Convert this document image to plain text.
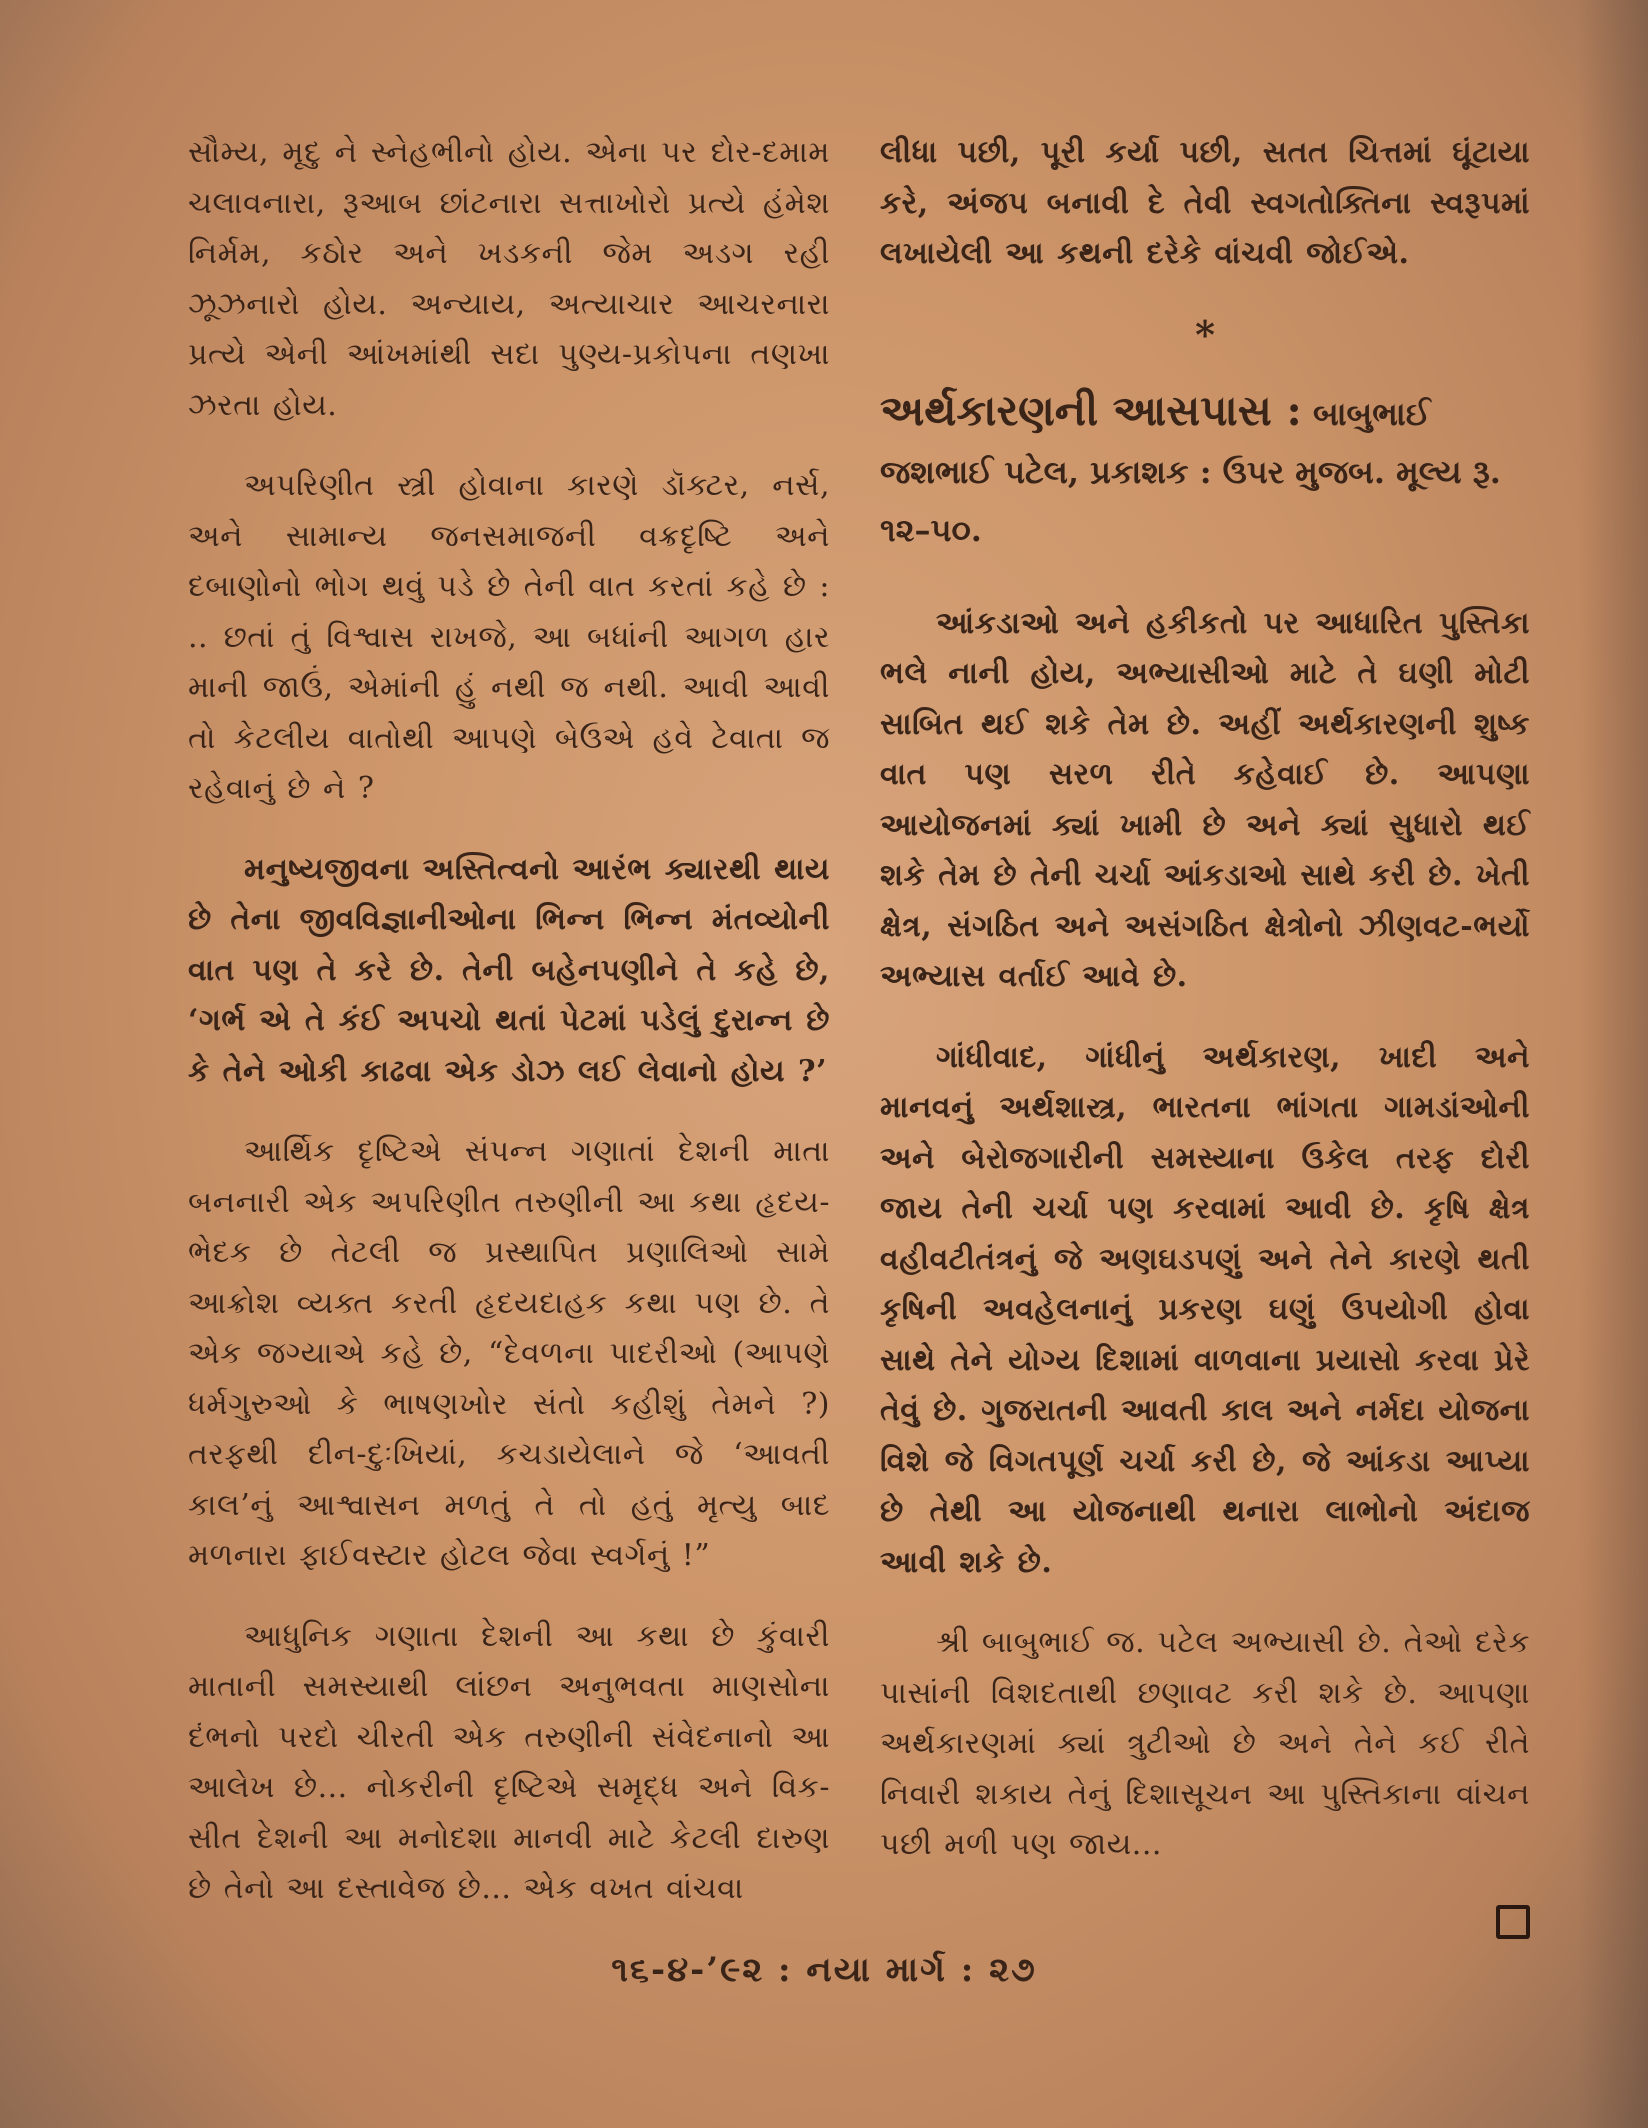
સૌમ્ય, મૃદુ ને સ્નેહભીનો હોય. એના પર દોર-દમામ ચલાવનારા, રૂઆબ છાંટનારા સત્તાખોરો પ્રત્યે હંમેશ નિર્મમ, કઠોર અને ખડકની જેમ અડગ રહી ઝૂઝનારો હોય. અન્યાય, અત્યાચાર આચરનારા પ્રત્યે એની આંખમાંથી સદા પુણ્ય-પ્રકોપના તણખા ઝરતા હોય.

અપરિણીત સ્ત્રી હોવાના કારણે ડૉક્ટર, નર્સ, અને સામાન્ય જનસમાજની વક્રદૃષ્ટિ અને દબાણોનો ભોગ થવું પડે છે તેની વાત કરતાં કહે છે : .. છતાં તું વિશ્વાસ રાખજે, આ બધાંની આગળ હાર માની જાઉં, એમાંની હું નથી જ નથી. આવી આવી તો કેટલીય વાતોથી આપણે બેઉએ હવે ટેવાતા જ રહેવાનું છે ને ?

મનુષ્યજીવના અસ્તિત્વનો આરંભ ક્યારથી થાય છે તેના જીવવિજ્ઞાનીઓના ભિન્ન ભિન્ન મંતવ્યોની વાત પણ તે કરે છે. તેની બહેનપણીને તે કહે છે, ‘ગર્ભ એ તે કંઈ અપચો થતાં પેટમાં પડેલું દુરાન્ન છે કે તેને ઓકી કાઢવા એક ડોઝ લઈ લેવાનો હોય ?’

આર્થિક દૃષ્ટિએ સંપન્ન ગણાતાં દેશની માતા બનનારી એક અપરિણીત તરુણીની આ કથા હૃદય-ભેદક છે તેટલી જ પ્રસ્થાપિત પ્રણાલિઓ સામે આક્રોશ વ્યક્ત કરતી હૃદયદાહક કથા પણ છે. તે એક જગ્યાએ કહે છે, “દેવળના પાદરીઓ (આપણે ધર્મગુરુઓ કે ભાષણખોર સંતો કહીશું તેમને ?) તરફથી દીન-દુઃખિયાં, કચડાયેલાને જે ‘આવતી કાલ’નું આશ્વાસન મળતું તે તો હતું મૃત્યુ બાદ મળનારા ફાઈવસ્ટાર હોટલ જેવા સ્વર્ગનું !”

આધુનિક ગણાતા દેશની આ કથા છે કુંવારી માતાની સમસ્યાથી લાંછન અનુભવતા માણસોના દંભનો પરદો ચીરતી એક તરુણીની સંવેદનાનો આ આલેખ છે... નોકરીની દૃષ્ટિએ સમૃદ્ધ અને વિક-સીત દેશની આ મનોદશા માનવી માટે કેટલી દારુણ છે તેનો આ દસ્તાવેજ છે... એક વખત વાંચવા

લીધા પછી, પૂરી કર્યા પછી, સતત ચિત્તમાં ઘૂંટાયા કરે, અંજપ બનાવી દે તેવી સ્વગતોક્તિના સ્વરૂપમાં લખાયેલી આ કથની દરેકે વાંચવી જોઈએ.

*
અર્થકારણની આસપાસ : બાબુભાઈ જશભાઈ પટેલ, પ્રકાશક : ઉપર મુજબ. મૂલ્ય રૂ. ૧૨–૫૦.

આંકડાઓ અને હકીકતો પર આધારિત પુસ્તિકા ભલે નાની હોય, અભ્યાસીઓ માટે તે ઘણી મોટી સાબિત થઈ શકે તેમ છે. અહીં અર્થકારણની શુષ્ક વાત પણ સરળ રીતે કહેવાઈ છે. આપણા આયોજનમાં ક્યાં ખામી છે અને ક્યાં સુધારો થઈ શકે તેમ છે તેની ચર્ચા આંકડાઓ સાથે કરી છે. ખેતી ક્ષેત્ર, સંગઠિત અને અસંગઠિત ક્ષેત્રોનો ઝીણવટ-ભર્યો અભ્યાસ વર્તાઈ આવે છે.

ગાંધીવાદ, ગાંધીનું અર્થકારણ, ખાદી અને માનવનું અર્થશાસ્ત્ર, ભારતના ભાંગતા ગામડાંઓની અને બેરોજગારીની સમસ્યાના ઉકેલ તરફ દોરી જાય તેની ચર્ચા પણ કરવામાં આવી છે. કૃષિ ક્ષેત્ર વહીવટીતંત્રનું જે અણઘડપણું અને તેને કારણે થતી કૃષિની અવહેલનાનું પ્રકરણ ઘણું ઉપયોગી હોવા સાથે તેને યોગ્ય દિશામાં વાળવાના પ્રયાસો કરવા પ્રેરે તેવું છે. ગુજરાતની આવતી કાલ અને નર્મદા યોજના વિશે જે વિગતપૂર્ણ ચર્ચા કરી છે, જે આંકડા આપ્યા છે તેથી આ યોજનાથી થનારા લાભોનો અંદાજ આવી શકે છે.

શ્રી બાબુભાઈ જ. પટેલ અભ્યાસી છે. તેઓ દરેક પાસાંની વિશદતાથી છણાવટ કરી શકે છે. આપણા અર્થકારણમાં ક્યાં ત્રુટીઓ છે અને તેને કઈ રીતે નિવારી શકાય તેનું દિશાસૂચન આ પુસ્તિકાના વાંચન પછી મળી પણ જાય...

૧૬-૪-’૯૨ : નયા માર્ગ : ૨૭
